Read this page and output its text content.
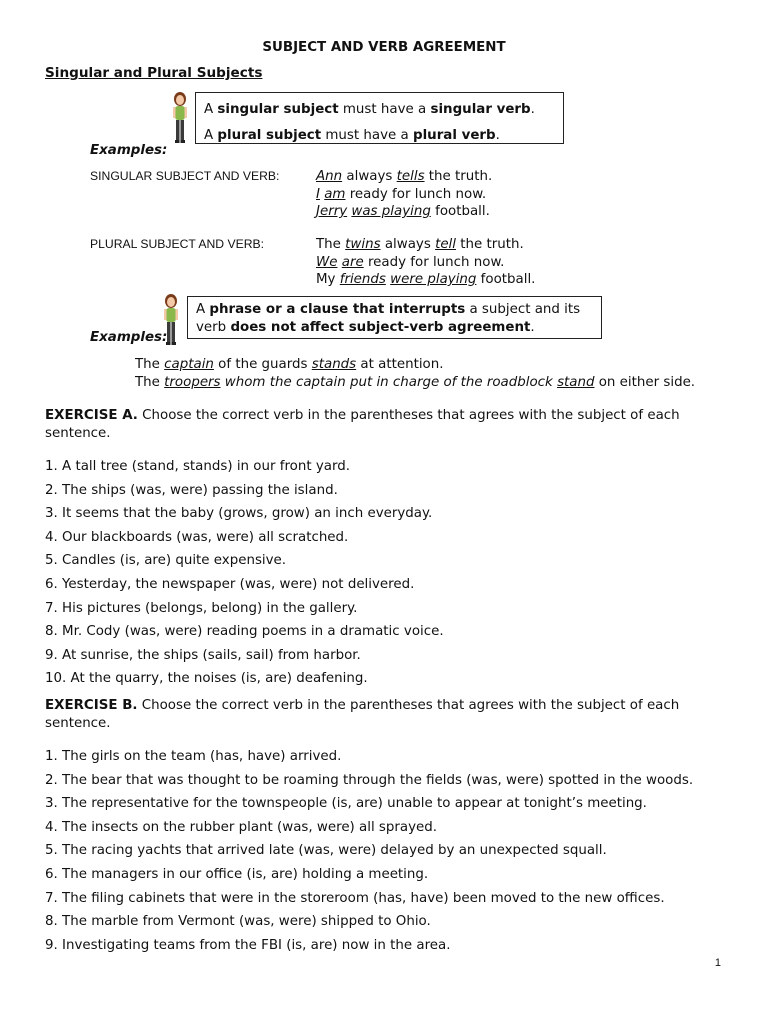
SUBJECT AND VERB AGREEMENT
Singular and Plural Subjects
A singular subject must have a singular verb.
A plural subject must have a plural verb.
Examples:
SINGULAR SUBJECT AND VERB:	Ann always tells the truth.
I am ready for lunch now.
Jerry was playing football.
PLURAL SUBJECT AND VERB:	The twins always tell the truth.
We are ready for lunch now.
My friends were playing football.
Examples:
A phrase or a clause that interrupts a subject and its
verb does not affect subject-verb agreement.
The captain of the guards stands at attention.
The troopers whom the captain put in charge of the roadblock stand on either side.
EXERCISE A. Choose the correct verb in the parentheses that agrees with the subject of each sentence.
1. A tall tree (stand, stands) in our front yard.
2. The ships (was, were) passing the island.
3. It seems that the baby (grows, grow) an inch everyday.
4. Our blackboards (was, were) all scratched.
5. Candles (is, are) quite expensive.
6. Yesterday, the newspaper (was, were) not delivered.
7. His pictures (belongs, belong) in the gallery.
8. Mr. Cody (was, were) reading poems in a dramatic voice.
9. At sunrise, the ships (sails, sail) from harbor.
10. At the quarry, the noises (is, are) deafening.
EXERCISE B. Choose the correct verb in the parentheses that agrees with the subject of each sentence.
1. The girls on the team (has, have) arrived.
2. The bear that was thought to be roaming through the fields (was, were) spotted in the woods.
3. The representative for the townspeople (is, are) unable to appear at tonight’s meeting.
4. The insects on the rubber plant (was, were) all sprayed.
5. The racing yachts that arrived late (was, were) delayed by an unexpected squall.
6. The managers in our office (is, are) holding a meeting.
7. The filing cabinets that were in the storeroom (has, have) been moved to the new offices.
8. The marble from Vermont (was, were) shipped to Ohio.
9. Investigating teams from the FBI (is, are) now in the area.
1
